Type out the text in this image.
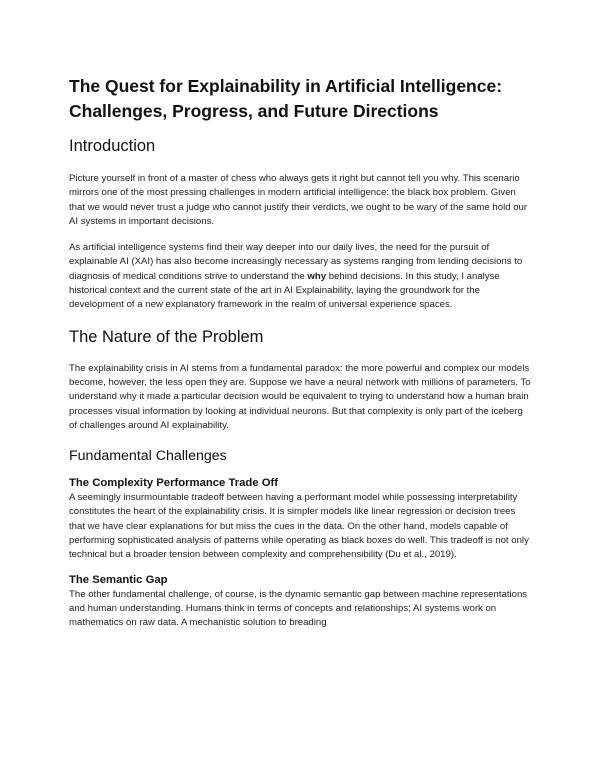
The Quest for Explainability in Artificial Intelligence:
Challenges, Progress, and Future Directions
Introduction

Picture yourself in front of a master of chess who always gets it right but cannot tell you why. This scenario mirrors one of the most pressing challenges in modern artificial intelligence: the black box problem. Given that we would never trust a judge who cannot justify their verdicts, we ought to be wary of the same hold our AI systems in important decisions.

As artificial intelligence systems find their way deeper into our daily lives, the need for the pursuit of explainable AI (XAI) has also become increasingly necessary as systems ranging from lending decisions to diagnosis of medical conditions strive to understand the why behind decisions. In this study, I analyse historical context and the current state of the art in AI Explainability, laying the groundwork for the development of a new explanatory framework in the realm of universal experience spaces.

The Nature of the Problem

The explainability crisis in AI stems from a fundamental paradox: the more powerful and complex our models become, however, the less open they are. Suppose we have a neural network with millions of parameters. To understand why it made a particular decision would be equivalent to trying to understand how a human brain processes visual information by looking at individual neurons. But that complexity is only part of the iceberg of challenges around AI explainability.

Fundamental Challenges
The Complexity Performance Trade Off

A seemingly insurmountable tradeoff between having a performant model while possessing interpretability constitutes the heart of the explainability crisis. It is simpler models like linear regression or decision trees that we have clear explanations for but miss the cues in the data. On the other hand, models capable of performing sophisticated analysis of patterns while operating as black boxes do well. This tradeoff is not only technical but a broader tension between complexity and comprehensibility (Du et al., 2019).

The Semantic Gap

The other fundamental challenge, of course, is the dynamic semantic gap between machine representations and human understanding. Humans think in terms of concepts and relationships; AI systems work on mathematics on raw data. A mechanistic solution to breading
